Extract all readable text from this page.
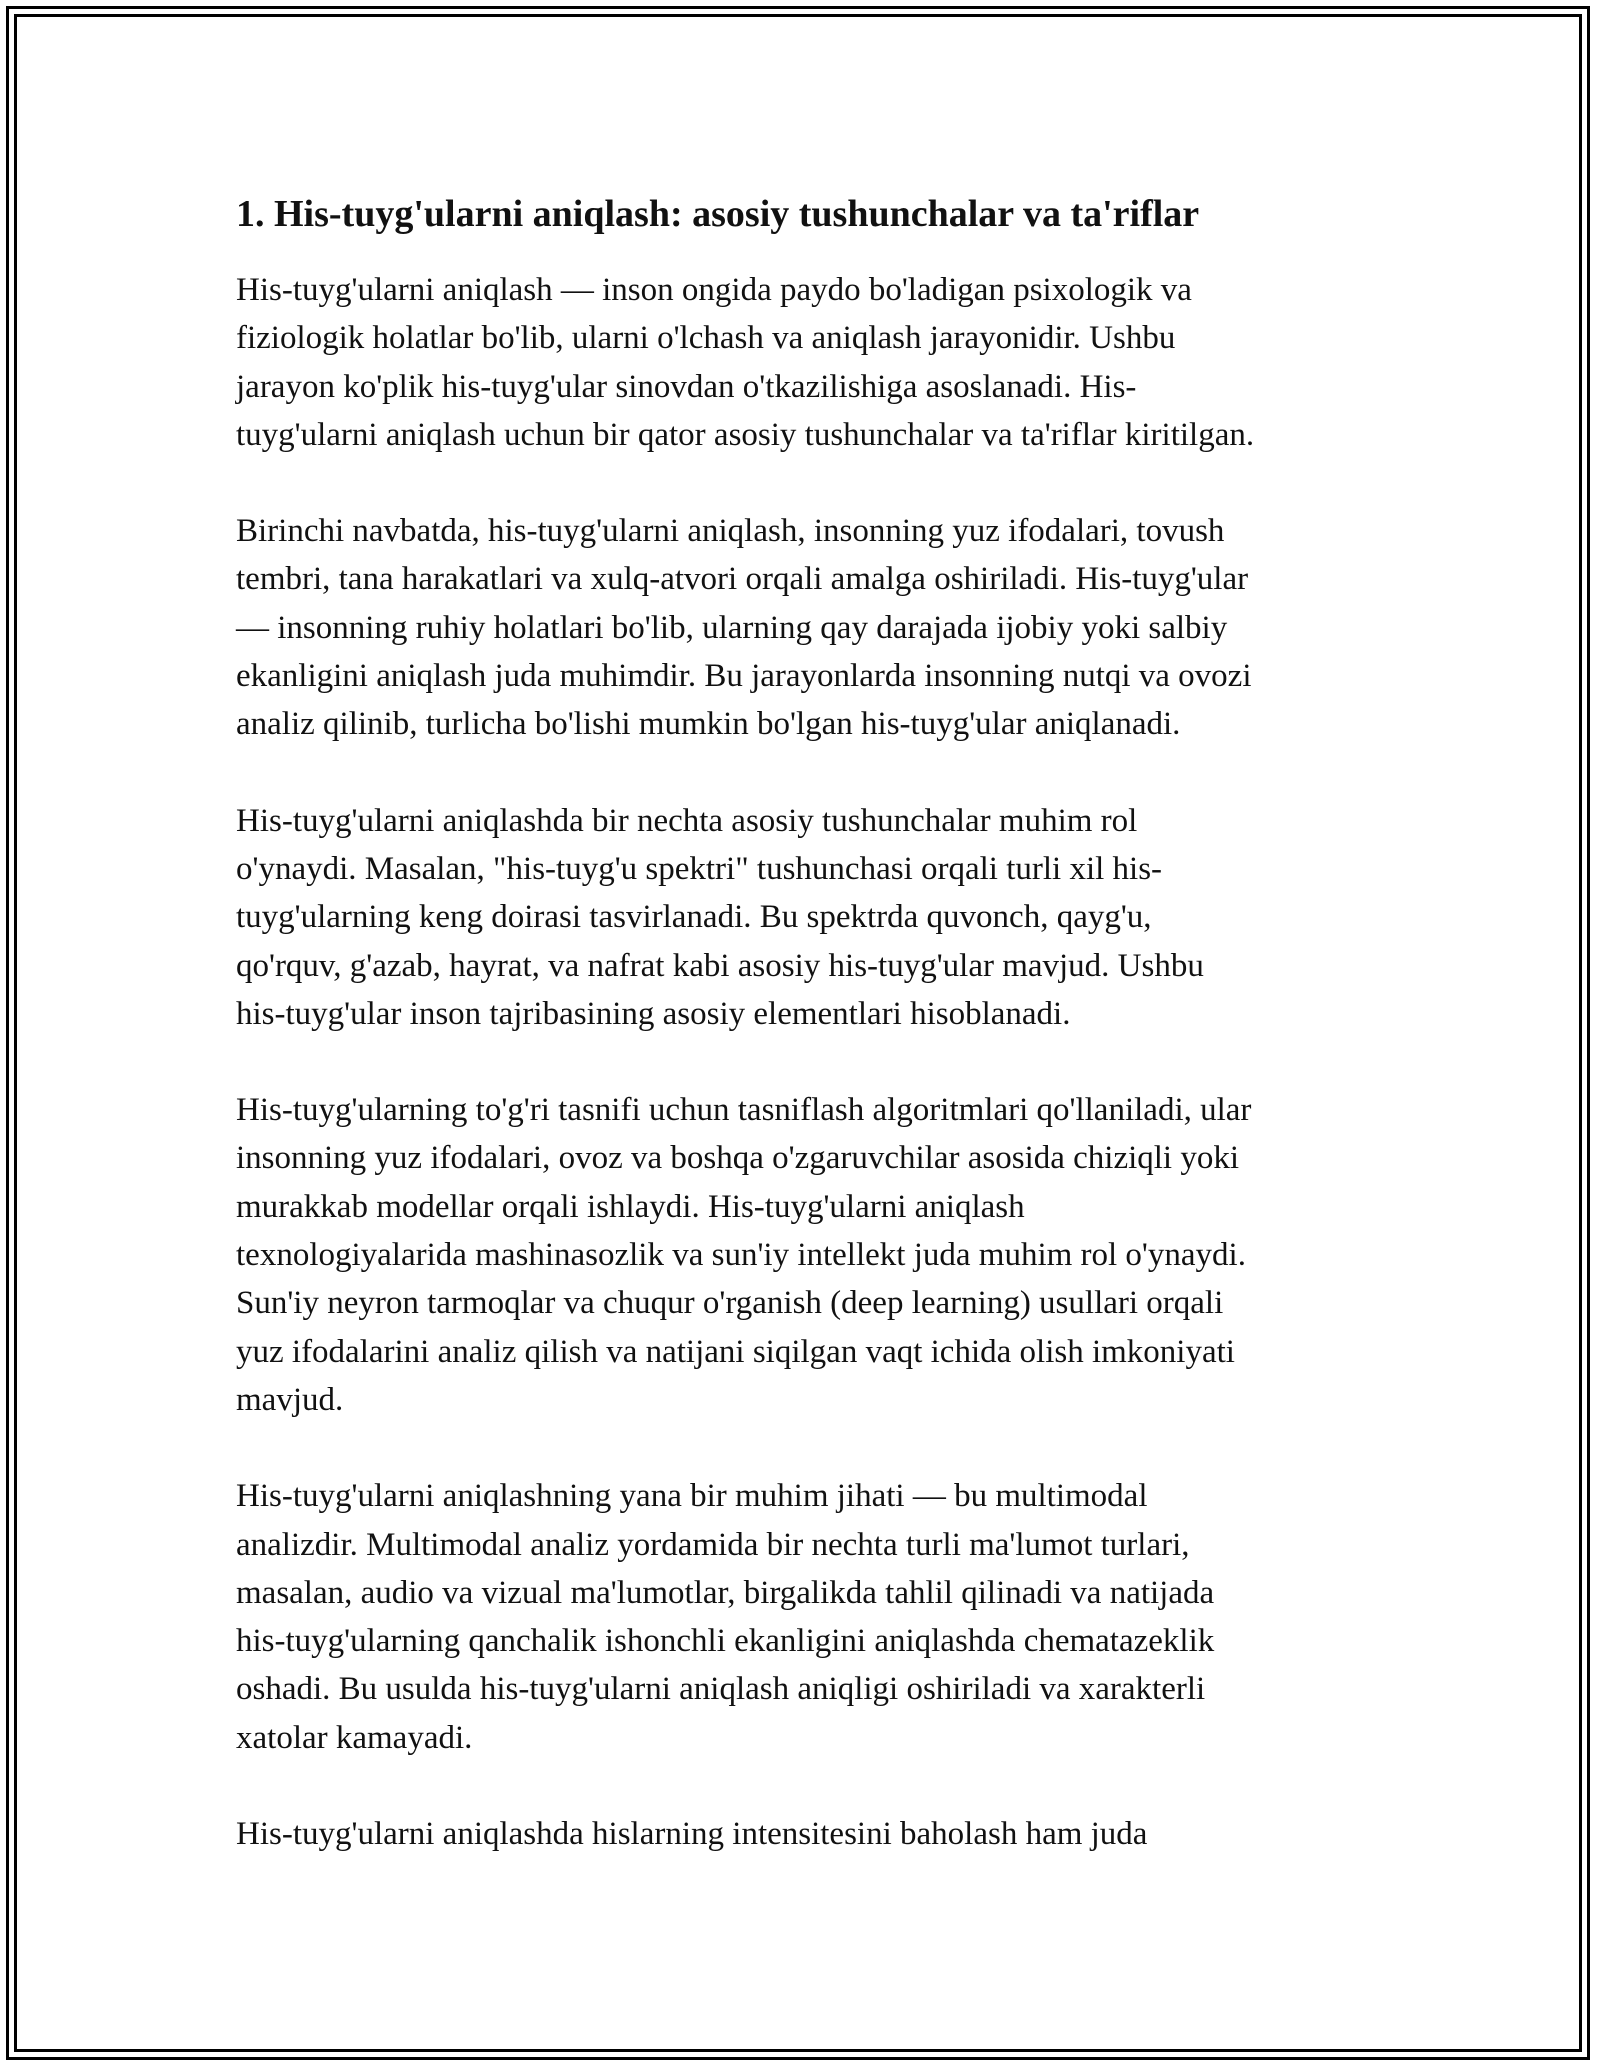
1. His-tuyg'ularni aniqlash: asosiy tushunchalar va ta'riflar

His-tuyg'ularni aniqlash — inson ongida paydo bo'ladigan psixologik va
fiziologik holatlar bo'lib, ularni o'lchash va aniqlash jarayonidir. Ushbu
jarayon ko'plik his-tuyg'ular sinovdan o'tkazilishiga asoslanadi. His-
tuyg'ularni aniqlash uchun bir qator asosiy tushunchalar va ta'riflar kiritilgan.

Birinchi navbatda, his-tuyg'ularni aniqlash, insonning yuz ifodalari, tovush
tembri, tana harakatlari va xulq-atvori orqali amalga oshiriladi. His-tuyg'ular
— insonning ruhiy holatlari bo'lib, ularning qay darajada ijobiy yoki salbiy
ekanligini aniqlash juda muhimdir. Bu jarayonlarda insonning nutqi va ovozi
analiz qilinib, turlicha bo'lishi mumkin bo'lgan his-tuyg'ular aniqlanadi.

His-tuyg'ularni aniqlashda bir nechta asosiy tushunchalar muhim rol
o'ynaydi. Masalan, "his-tuyg'u spektri" tushunchasi orqali turli xil his-
tuyg'ularning keng doirasi tasvirlanadi. Bu spektrda quvonch, qayg'u,
qo'rquv, g'azab, hayrat, va nafrat kabi asosiy his-tuyg'ular mavjud. Ushbu
his-tuyg'ular inson tajribasining asosiy elementlari hisoblanadi.

His-tuyg'ularning to'g'ri tasnifi uchun tasniflash algoritmlari qo'llaniladi, ular
insonning yuz ifodalari, ovoz va boshqa o'zgaruvchilar asosida chiziqli yoki
murakkab modellar orqali ishlaydi. His-tuyg'ularni aniqlash
texnologiyalarida mashinasozlik va sun'iy intellekt juda muhim rol o'ynaydi.
Sun'iy neyron tarmoqlar va chuqur o'rganish (deep learning) usullari orqali
yuz ifodalarini analiz qilish va natijani siqilgan vaqt ichida olish imkoniyati
mavjud.

His-tuyg'ularni aniqlashning yana bir muhim jihati — bu multimodal
analizdir. Multimodal analiz yordamida bir nechta turli ma'lumot turlari,
masalan, audio va vizual ma'lumotlar, birgalikda tahlil qilinadi va natijada
his-tuyg'ularning qanchalik ishonchli ekanligini aniqlashda chematazeklik
oshadi. Bu usulda his-tuyg'ularni aniqlash aniqligi oshiriladi va xarakterli
xatolar kamayadi.

His-tuyg'ularni aniqlashda hislarning intensitesini baholash ham juda
